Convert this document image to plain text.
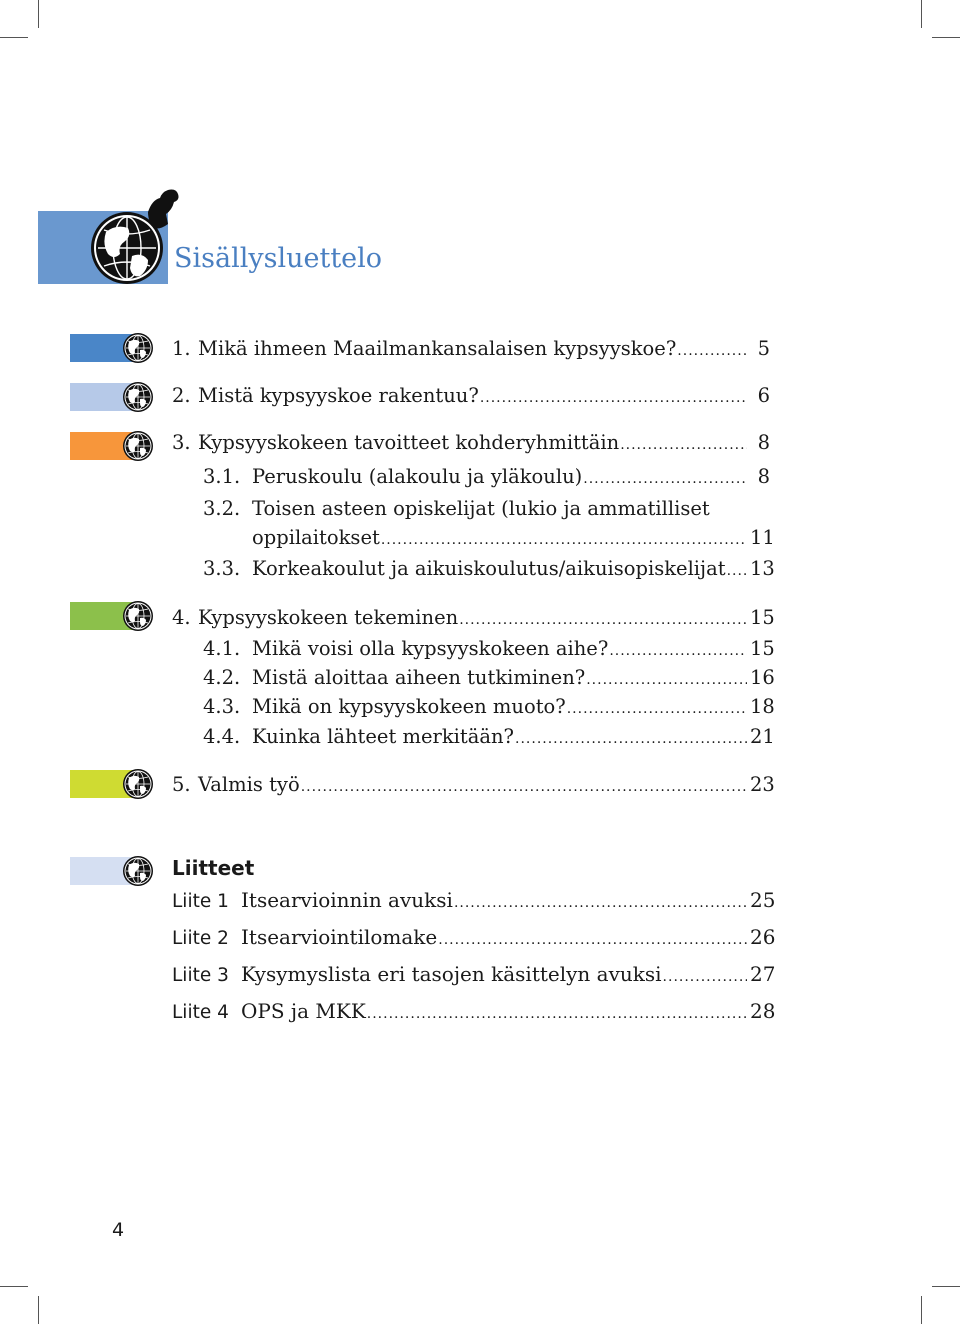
Sisällysluettelo
1. Mikä ihmeen Maailmankansalaisen kypsyyskoe? .....	5
2. Mistä kypsyyskoe rakentuu? .....	6
3. Kypsyyskokeen tavoitteet kohderyhmittäin .....	8
3.1. Peruskoulu (alakoulu ja yläkoulu) .....	8
3.2. Toisen asteen opiskelijat (lukio ja ammatilliset
oppilaitokset .....	11
3.3. Korkeakoulut ja aikuiskoulutus/aikuisopiskelijat ..... 13
4. Kypsyyskokeen tekeminen .....	15
4.1. Mikä voisi olla kypsyyskokeen aihe? .....	15
4.2. Mistä aloittaa aiheen tutkiminen? .....	16
4.3. Mikä on kypsyyskokeen muoto? .....	18
4.4. Kuinka lähteet merkitään? .....	21
5. Valmis työ .....	23
Liitteet
Liite 1 Itsearvioinnin avuksi .....	25
Liite 2 Itsearviointilomake .....	26
Liite 3 Kysymyslista eri tasojen käsittelyn avuksi .....	27
Liite 4 OPS ja MKK .....	28
4
